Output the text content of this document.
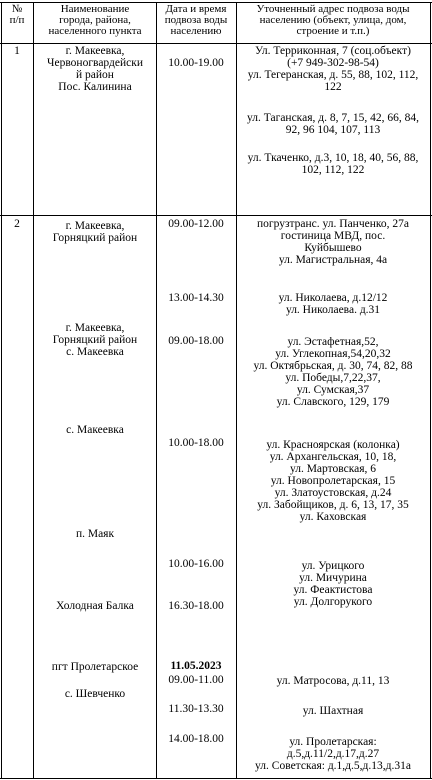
№
п/п
Наименование
города, района,
населенного пункта
Дата и время
подвоза воды
населению
Уточненный адрес подвоза воды
населению (объект, улица, дом,
строение и т.п.)
1	г. Макеевка,
Червоногвардейски
й район
Пос. Калинина
10.00-19.00
Ул. Терриконная, 7 (соц.объект)
(+7 949-302-98-54)
ул. Тегеранская, д. 55, 88, 102, 112,
122
ул. Таганская, д. 8, 7, 15, 42, 66, 84,
92, 96 104, 107, 113
ул. Ткаченко, д.3, 10, 18, 40, 56, 88,
102, 112, 122
2	г. Макеевка,
Горняцкий район
г. Макеевка,
Горняцкий район
с. Макеевка
с. Макеевка
п. Маяк
Холодная Балка
пгт Пролетарское
с. Шевченко
09.00-12.00
13.00-14.30
09.00-18.00
10.00-18.00
10.00-16.00
16.30-18.00
11.05.2023
09.00-11.00
11.30-13.30
14.00-18.00
погрузтранс. ул. Панченко, 27а
гостиница МВД, пос.
Куйбышево
ул. Магистральная, 4а
ул. Николаева, д.12/12
ул. Николаева. д.31
ул. Эстафетная,52,
ул. Углекопная,54,20,32
ул. Октябрьская, д. 30, 74, 82, 88
ул. Победы,7,22,37,
ул. Сумская,37
ул. Славского, 129, 179
ул. Красноярская (колонка)
ул. Архангельская, 10, 18,
ул. Мартовская, 6
ул. Новопролетарская, 15
ул. Златоустовская, д.24
ул. Забойщиков, д. 6, 13, 17, 35
ул. Каховская
ул. Урицкого
ул. Мичурина
ул. Феактистова
ул. Долгорукого
ул. Матросова, д.11, 13
ул. Шахтная
ул. Пролетарская:
д.5,д.11/2,д.17,д.27
ул. Советская: д.1,д.5,д.13,д.31а
